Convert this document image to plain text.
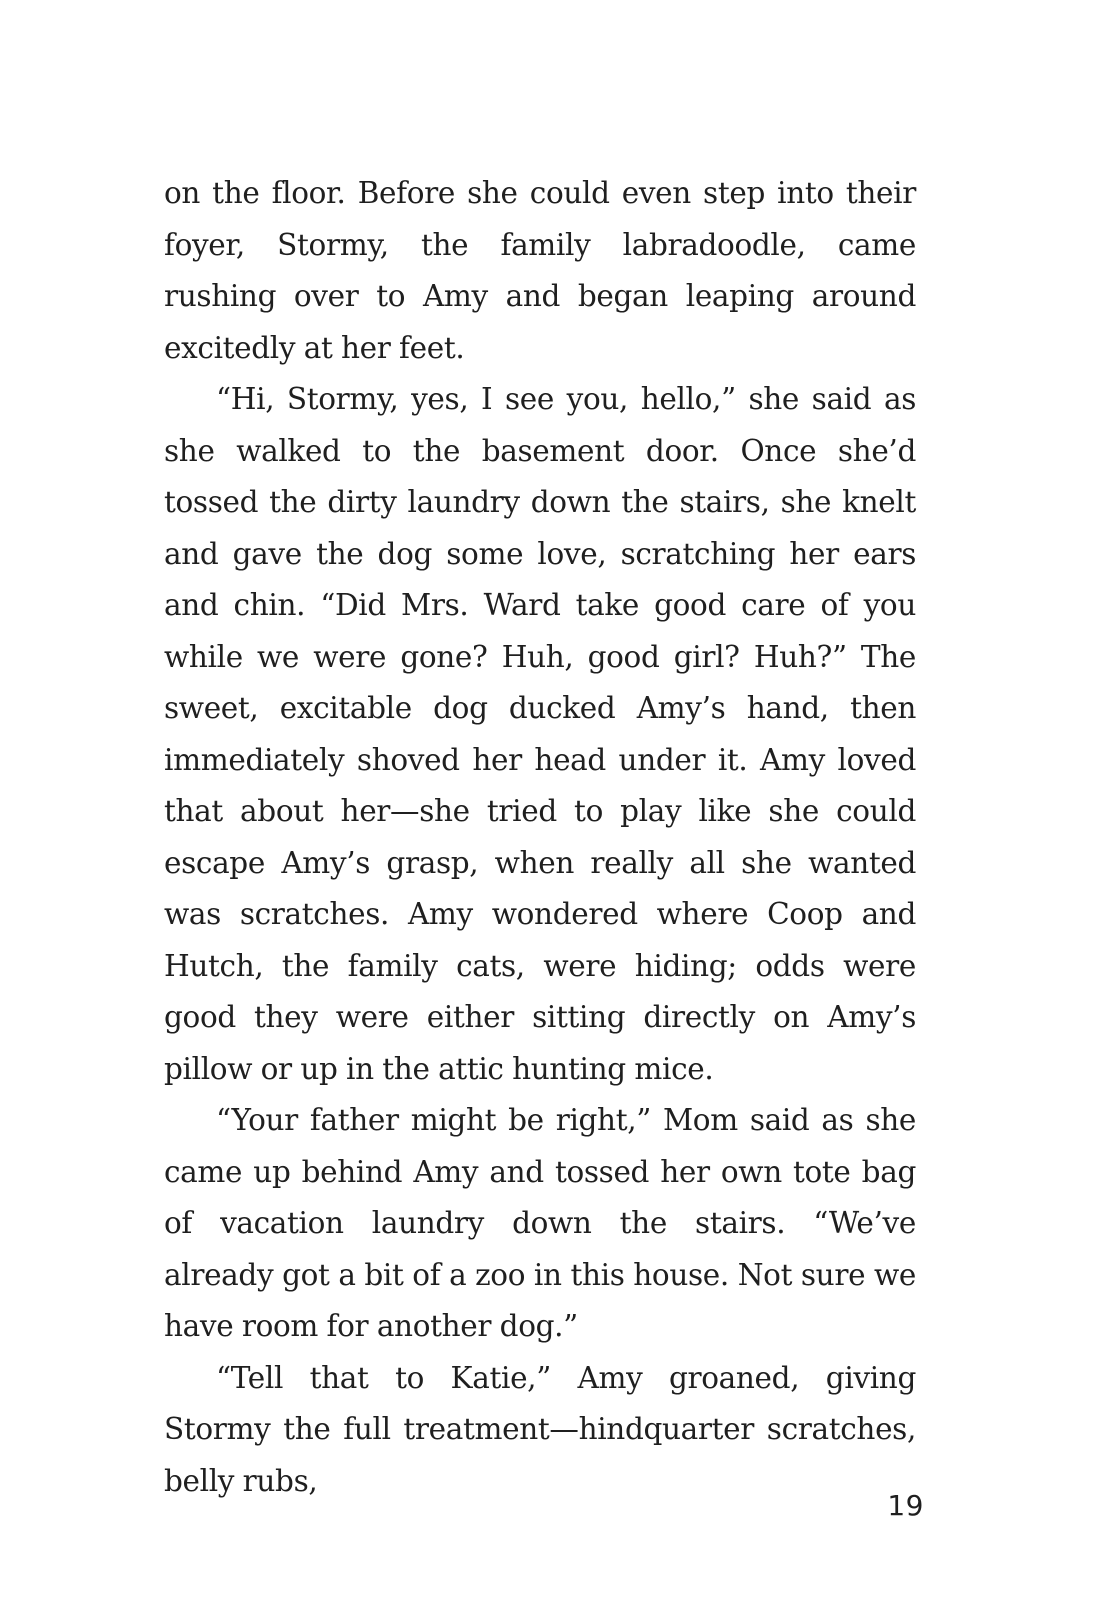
on the floor. Before she could even step into their foyer, Stormy, the family labradoodle, came rushing over to Amy and began leaping around excitedly at her feet.

“Hi, Stormy, yes, I see you, hello,” she said as she walked to the basement door. Once she’d tossed the dirty laundry down the stairs, she knelt and gave the dog some love, scratching her ears and chin. “Did Mrs. Ward take good care of you while we were gone? Huh, good girl? Huh?” The sweet, excitable dog ducked Amy’s hand, then immediately shoved her head under it. Amy loved that about her—she tried to play like she could escape Amy’s grasp, when really all she wanted was scratches. Amy wondered where Coop and Hutch, the family cats, were hiding; odds were good they were either sitting directly on Amy’s pillow or up in the attic hunting mice.

“Your father might be right,” Mom said as she came up behind Amy and tossed her own tote bag of vacation laundry down the stairs. “We’ve already got a bit of a zoo in this house. Not sure we have room for another dog.”

“Tell that to Katie,” Amy groaned, giving Stormy the full treatment—hindquarter scratches, belly rubs,

19
